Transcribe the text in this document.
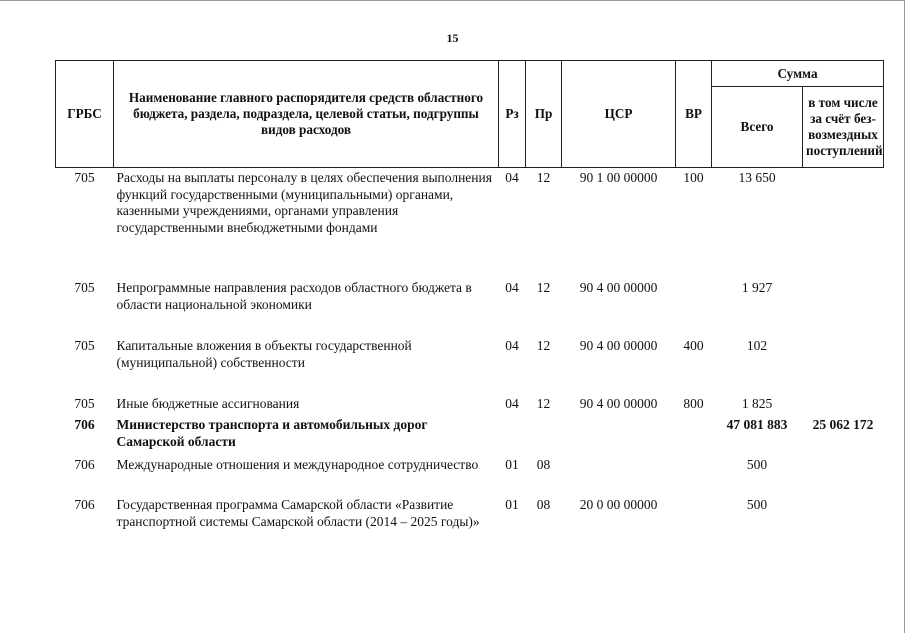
15
ГРБС	Наименование главного распорядителя средств областного бюджета, раздела, подраздела, целевой статьи, подгруппы видов расходов	Рз	Пр	ЦСР	ВР	Сумма	
						Всего	в том числе за счёт без-возмездных поступлений
705	Расходы на выплаты персоналу в целях обеспечения выполнения функций государственными (муниципальными) органами, казенными учреждениями, органами управления государственными внебюджетными фондами	04	12	90 1 00 00000	100	13 650	
705	Непрограммные направления расходов областного бюджета в области национальной экономики	04	12	90 4 00 00000		1 927	
705	Капитальные вложения в объекты государственной (муниципальной) собственности	04	12	90 4 00 00000	400	102	
705	Иные бюджетные ассигнования	04	12	90 4 00 00000	800	1 825	
706	Министерство транспорта и автомобильных дорог Самарской области					47 081 883	25 062 172
706	Международные отношения и международное сотрудничество	01	08			500	
706	Государственная программа Самарской области «Развитие транспортной системы Самарской области (2014 – 2025 годы)»	01	08	20 0 00 00000		500	
